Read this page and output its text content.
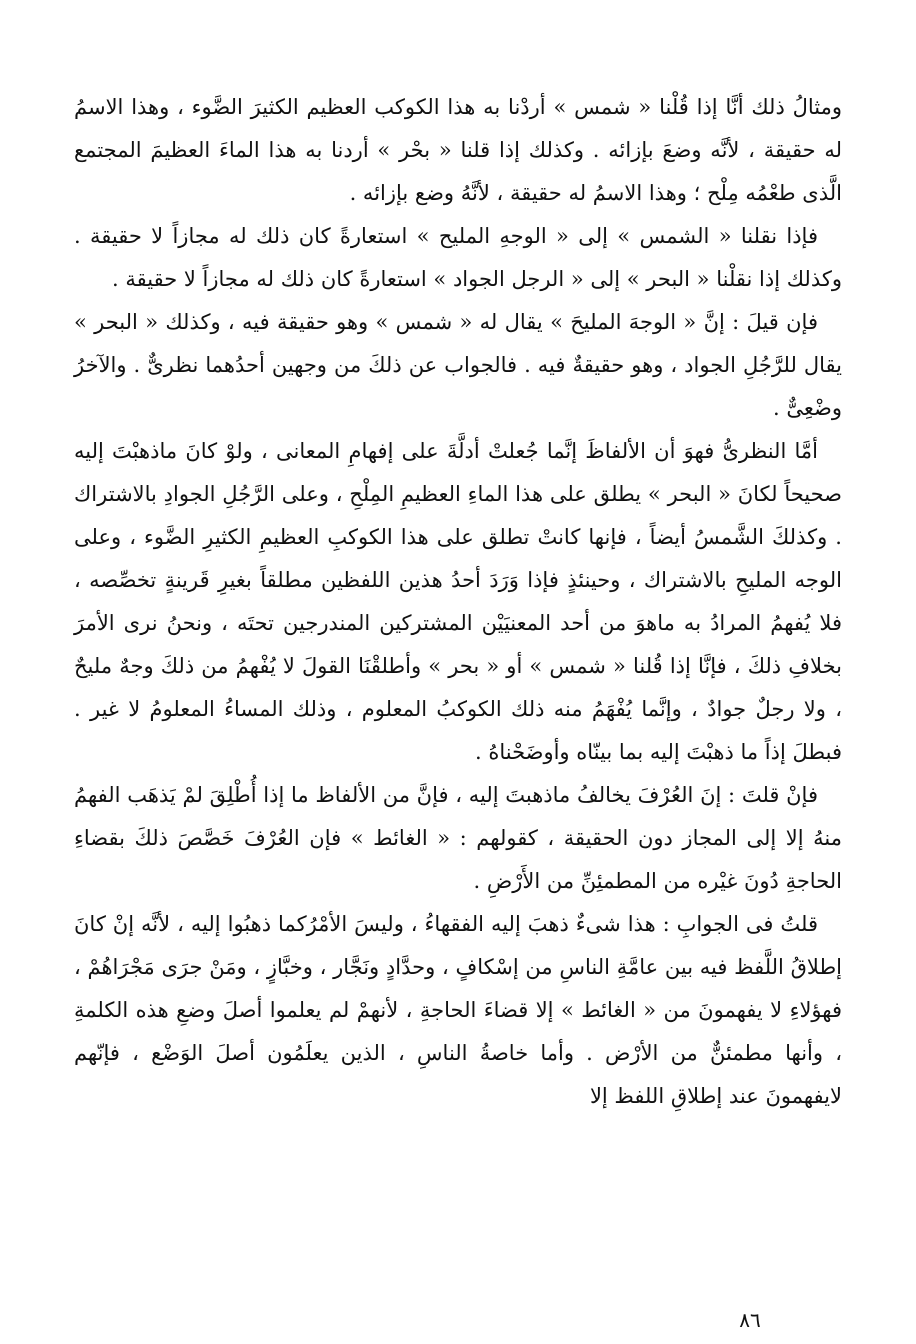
ومثالُ ذلك أنَّا إذا قُلْنا « شمس » أردْنا به هذا الكوكب العظيم الكثيرَ الضَّوء ، وهذا الاسمُ له حقيقة ، لأنَّه وضعَ بإزائه . وكذلك إذا قلنا « بحْر » أردنا به هذا الماءَ العظيمَ المجتمع الَّذى طعْمُه مِلْح ؛ وهذا الاسمُ له حقيقة ، لأنَّهُ وضع بإزائه .

فإذا نقلنا « الشمس » إلى « الوجهِ المليح » استعارةً كان ذلك له مجازاً لا حقيقة . وكذلك إذا نقلْنا « البحر » إلى « الرجل الجواد » استعارةً كان ذلك له مجازاً لا حقيقة .

فإن قيلَ : إنَّ « الوجهَ المليحَ » يقال له « شمس » وهو حقيقة فيه ، وكذلك « البحر » يقال للرَّجُلِ الجواد ، وهو حقيقةٌ فيه . فالجواب عن ذلكَ من وجهين أحدُهما نظرىٌّ . والآخرُ وضْعِىٌّ .

أمَّا النظرىُّ فهوَ أن الألفاظَ إنَّما جُعلتْ أدلَّةَ على إفهامِ المعانى ، ولوْ كانَ ماذهبْتَ إليه صحيحاً لكانَ « البحر » يطلق على هذا الماءِ العظيمِ المِلْحِ ، وعلى الرَّجُلِ الجوادِ بالاشتراك . وكذلكَ الشَّمسُ أيضاً ، فإنها كانتْ تطلق على هذا الكوكبِ العظيمِ الكثيرِ الضَّوء ، وعلى الوجه المليحِ بالاشتراك ، وحينئذٍ فإذا وَرَدَ أحدُ هذين اللفظين مطلقاً بغيرِ قَرينةٍ تخصِّصه ، فلا يُفهمُ المرادُ به ماهوَ من أحد المعنيَيْن المشتركين المندرجين تحتَه ، ونحنُ نرى الأمرَ بخلافِ ذلكَ ، فإنَّا إذا قُلنا « شمس » أو « بحر » وأطلقْنَا القولَ لا يُفْهمُ من ذلكَ وجهٌ مليحٌ ، ولا رجلٌ جوادٌ ، وإنَّما يُفْهَمُ منه ذلك الكوكبُ المعلوم ، وذلك المساءُ المعلومُ لا غير . فبطلَ إذاً ما ذهبْتَ إليه بما بينّاه وأوضَحْناهُ .

فإنْ قلتَ : إنَ العُرْفَ يخالفُ ماذهبتَ إليه ، فإنَّ من الألفاظ ما إذا أُطْلِقَ لمْ يَذهَب الفهمُ منهُ إلا إلى المجاز دون الحقيقة ، كقولهم : « الغائط » فإن العُرْفَ خَصَّصَ ذلكَ بقضاءِ الحاجةِ دُونَ غيْره من المطمئِنِّ من الأَرْضِ .

قلتُ فى الجوابِ : هذا شىءٌ ذهبَ إليه الفقهاءُ ، وليسَ الأمْرُكما ذهبُوا إليه ، لأنَّه إنْ كانَ إطلاقُ اللَّفظ فيه بين عامَّةِ الناسِ من إسْكافٍ ، وحدَّادٍ ونَجَّار ، وخبَّازٍ ، ومَنْ جرَى مَجْرَاهُمْ ، فهؤلاءِ لا يفهمونَ من « الغائط » إلا قضاءَ الحاجةِ ، لأنهمْ لم يعلموا أصلَ وضعِ هذه الكلمةِ ، وأنها مطمئنٌّ من الأرْض . وأما خاصةُ الناسِ ، الذين يعلَمُون أصلَ الوَضْع ، فإنّهم لايفهمونَ عند إطلاقِ اللفظ إلا

٨٦
